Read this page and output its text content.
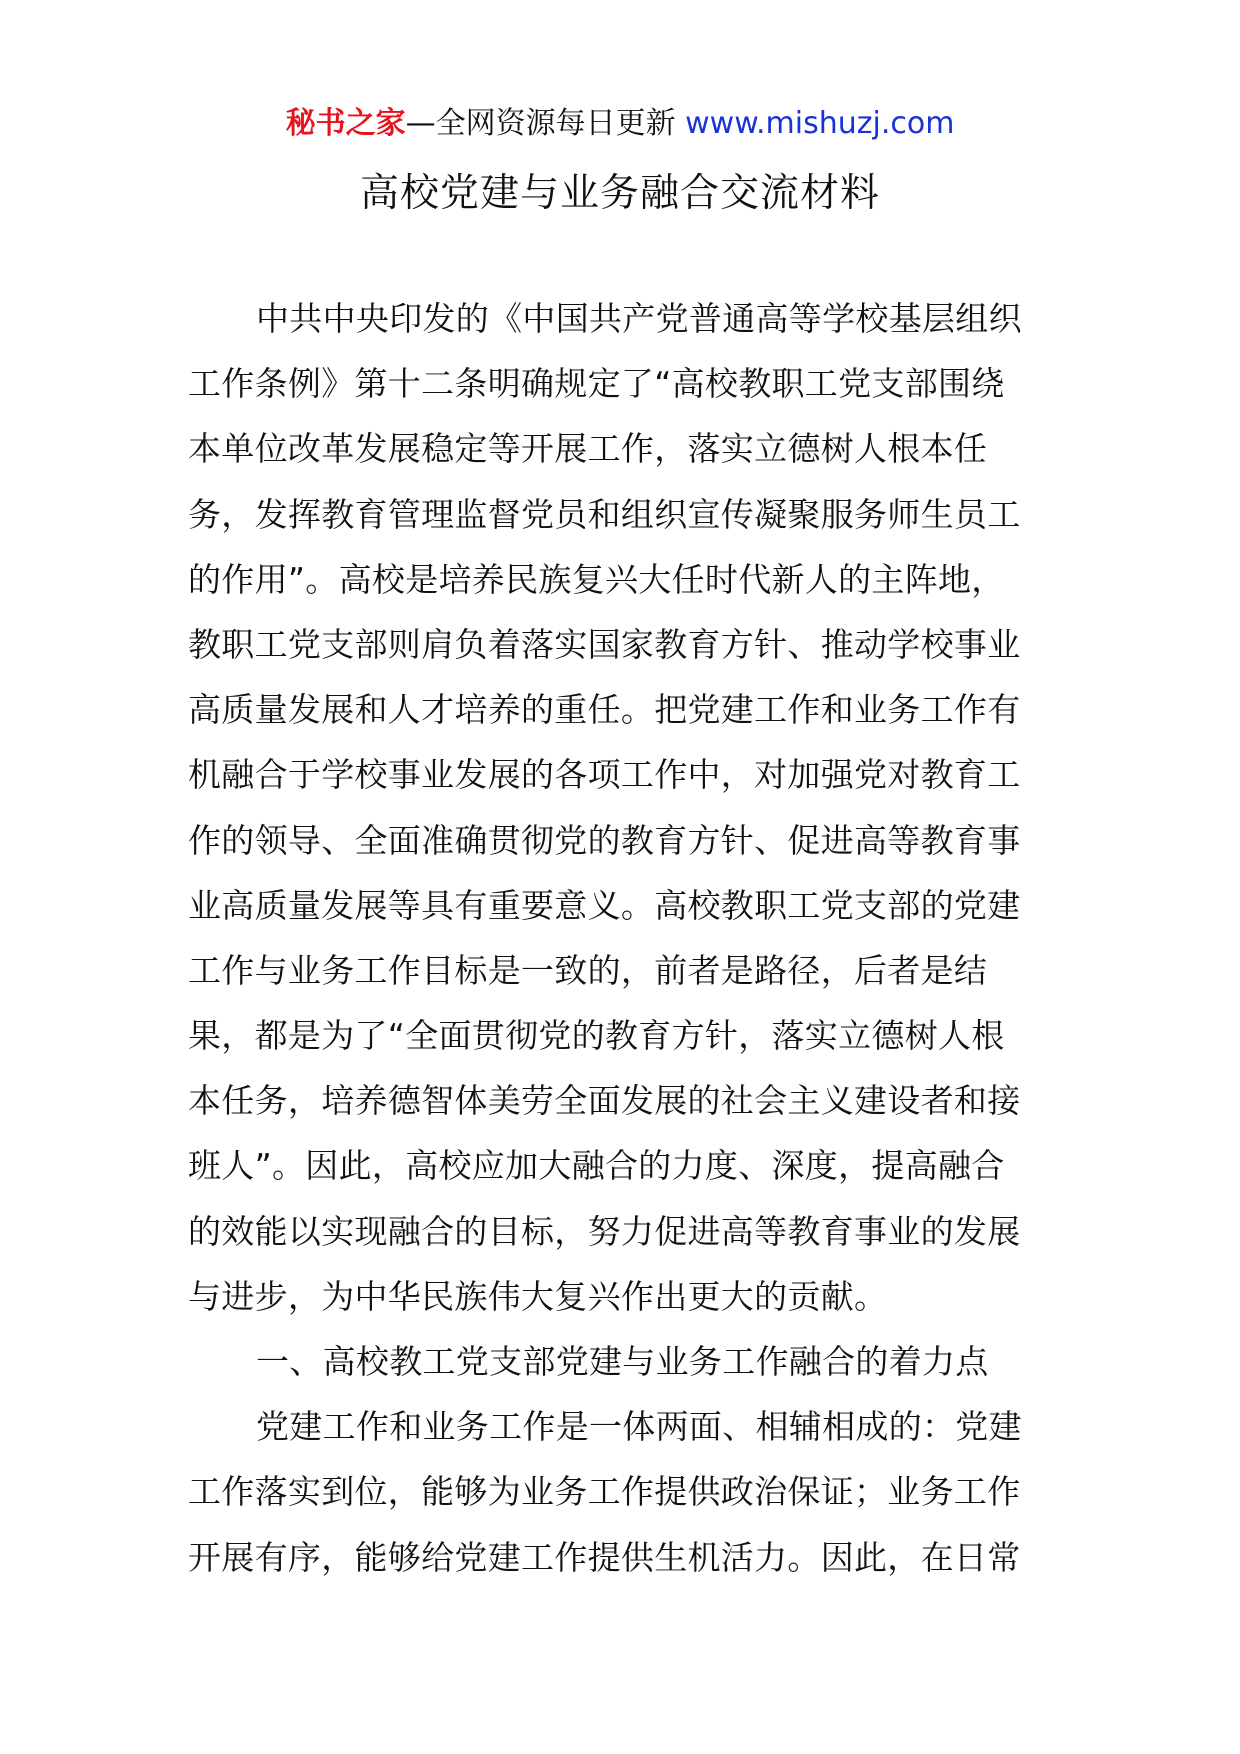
秘书之家—全网资源每日更新 www.mishuzj.com
高校党建与业务融合交流材料
中共中央印发的《中国共产党普通高等学校基层组织
工作条例》第十二条明确规定了“高校教职工党支部围绕
本单位改革发展稳定等开展工作，落实立德树人根本任
务，发挥教育管理监督党员和组织宣传凝聚服务师生员工
的作用”。高校是培养民族复兴大任时代新人的主阵地，
教职工党支部则肩负着落实国家教育方针、推动学校事业
高质量发展和人才培养的重任。把党建工作和业务工作有
机融合于学校事业发展的各项工作中，对加强党对教育工
作的领导、全面准确贯彻党的教育方针、促进高等教育事
业高质量发展等具有重要意义。高校教职工党支部的党建
工作与业务工作目标是一致的，前者是路径，后者是结
果，都是为了“全面贯彻党的教育方针，落实立德树人根
本任务，培养德智体美劳全面发展的社会主义建设者和接
班人”。因此，高校应加大融合的力度、深度，提高融合
的效能以实现融合的目标，努力促进高等教育事业的发展
与进步，为中华民族伟大复兴作出更大的贡献。
一、高校教工党支部党建与业务工作融合的着力点
党建工作和业务工作是一体两面、相辅相成的：党建
工作落实到位，能够为业务工作提供政治保证；业务工作
开展有序，能够给党建工作提供生机活力。因此，在日常
